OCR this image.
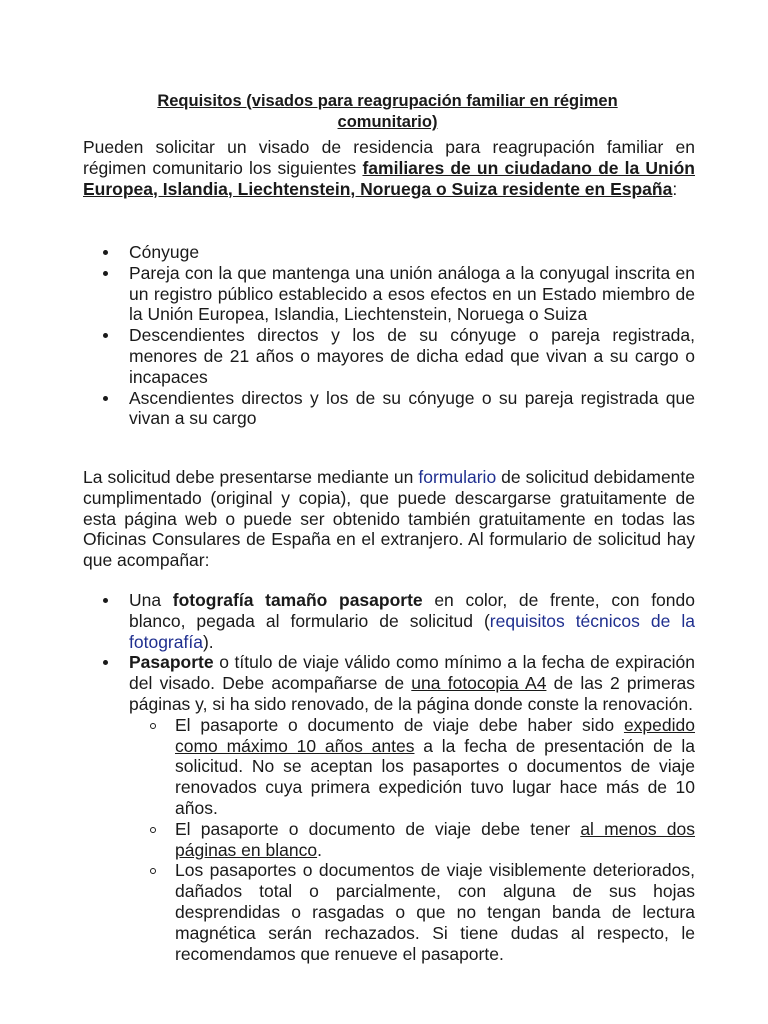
Requisitos (visados para reagrupación familiar en régimen
comunitario)

Pueden solicitar un visado de residencia para reagrupación familiar en régimen comunitario los siguientes familiares de un ciudadano de la Unión Europea, Islandia, Liechtenstein, Noruega o Suiza residente en España:

Cónyuge
Pareja con la que mantenga una unión análoga a la conyugal inscrita en un registro público establecido a esos efectos en un Estado miembro de la Unión Europea, Islandia, Liechtenstein, Noruega o Suiza
Descendientes directos y los de su cónyuge o pareja registrada, menores de 21 años o mayores de dicha edad que vivan a su cargo o incapaces
Ascendientes directos y los de su cónyuge o su pareja registrada que vivan a su cargo

La solicitud debe presentarse mediante un formulario de solicitud debidamente cumplimentado (original y copia), que puede descargarse gratuitamente de esta página web o puede ser obtenido también gratuitamente en todas las Oficinas Consulares de España en el extranjero. Al formulario de solicitud hay que acompañar:

Una fotografía tamaño pasaporte en color, de frente, con fondo blanco, pegada al formulario de solicitud (requisitos técnicos de la fotografía).
Pasaporte o título de viaje válido como mínimo a la fecha de expiración del visado. Debe acompañarse de una fotocopia A4 de las 2 primeras páginas y, si ha sido renovado, de la página donde conste la renovación.
El pasaporte o documento de viaje debe haber sido expedido como máximo 10 años antes a la fecha de presentación de la solicitud. No se aceptan los pasaportes o documentos de viaje renovados cuya primera expedición tuvo lugar hace más de 10 años.
El pasaporte o documento de viaje debe tener al menos dos páginas en blanco.
Los pasaportes o documentos de viaje visiblemente deteriorados, dañados total o parcialmente, con alguna de sus hojas desprendidas o rasgadas o que no tengan banda de lectura magnética serán rechazados. Si tiene dudas al respecto, le recomendamos que renueve el pasaporte.
